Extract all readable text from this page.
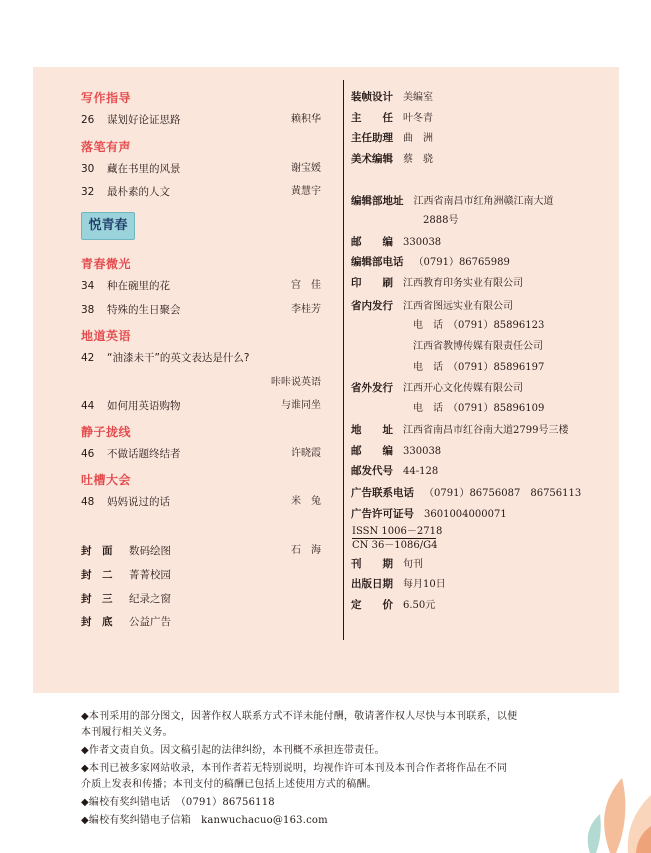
写作指导
26 谋划好论证思路	赖积华
落笔有声
30 藏在书里的风景	谢宝媛
32 最朴素的人文	黄慧宇
悦青春
青春微光
34 种在碗里的花	宫　佳
38 特殊的生日聚会	李桂芳
地道英语
42 “油漆未干”的英文表达是什么?
咔咔说英语
44 如何用英语购物	与谁同坐
静子拢线
46 不做话题终结者	许晓霞
吐槽大会
48 妈妈说过的话	米　兔
封　面 数码绘图	石　海
封　二 菁菁校园
封　三 纪录之窗
封　底 公益广告
装帧设计 美编室
主　　任 叶冬青
主任助理 曲　洲
美术编辑 蔡　骁
编辑部地址 江西省南昌市红角洲赣江南大道
2888号
邮　　编 330038
编辑部电话 （0791）86765989
印　　刷 江西教育印务实业有限公司
省内发行 江西省图远实业有限公司
电　话　（0791）85896123
江西省教博传媒有限责任公司
电　话　（0791）85896197
省外发行 江西开心文化传媒有限公司
电　话　（0791）85896109
地　　址 江西省南昌市红谷南大道2799号三楼
邮　　编 330038
邮发代号 44-128
广告联系电话 （0791）86756087　86756113
广告许可证号 3601004000071
ISSN 1006－2718
CN 36－1086/G4
刊　　期 旬刊
出版日期 每月10日
定　　价 6.50元
◆本刊采用的部分图文，因著作权人联系方式不详未能付酬，敬请著作权人尽快与本刊联系，以便
本刊履行相关义务。
◆作者文责自负。因文稿引起的法律纠纷，本刊概不承担连带责任。
◆本刊已被多家网站收录，本刊作者若无特别说明，均视作许可本刊及本刊合作者将作品在不同
介质上发表和传播；本刊支付的稿酬已包括上述使用方式的稿酬。
◆编校有奖纠错电话　（0791）86756118
◆编校有奖纠错电子信箱　kanwuchacuo@163.com
